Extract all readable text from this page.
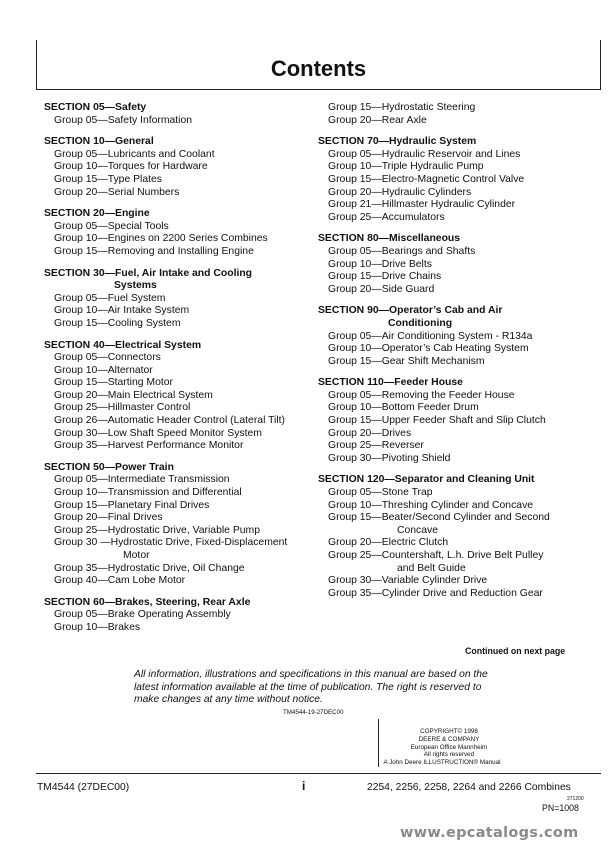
Contents
SECTION 05—Safety
Group 05—Safety Information
SECTION 10—General
Group 05—Lubricants and Coolant
Group 10—Torques for Hardware
Group 15—Type Plates
Group 20—Serial Numbers
SECTION 20—Engine
Group 05—Special Tools
Group 10—Engines on 2200 Series Combines
Group 15—Removing and Installing Engine
SECTION 30—Fuel, Air Intake and Cooling
Systems
Group 05—Fuel System
Group 10—Air Intake System
Group 15—Cooling System
SECTION 40—Electrical System
Group 05—Connectors
Group 10—Alternator
Group 15—Starting Motor
Group 20—Main Electrical System
Group 25—Hillmaster Control
Group 26—Automatic Header Control (Lateral Tilt)
Group 30—Low Shaft Speed Monitor System
Group 35—Harvest Performance Monitor
SECTION 50—Power Train
Group 05—Intermediate Transmission
Group 10—Transmission and Differential
Group 15—Planetary Final Drives
Group 20—Final Drives
Group 25—Hydrostatic Drive, Variable Pump
Group 30 —Hydrostatic Drive, Fixed-Displacement
Motor
Group 35—Hydrostatic Drive, Oil Change
Group 40—Cam Lobe Motor
SECTION 60—Brakes, Steering, Rear Axle
Group 05—Brake Operating Assembly
Group 10—Brakes
Group 15—Hydrostatic Steering
Group 20—Rear Axle
SECTION 70—Hydraulic System
Group 05—Hydraulic Reservoir and Lines
Group 10—Triple Hydraulic Pump
Group 15—Electro-Magnetic Control Valve
Group 20—Hydraulic Cylinders
Group 21—Hillmaster Hydraulic Cylinder
Group 25—Accumulators
SECTION 80—Miscellaneous
Group 05—Bearings and Shafts
Group 10—Drive Belts
Group 15—Drive Chains
Group 20—Side Guard
SECTION 90—Operator’s Cab and Air
Conditioning
Group 05—Air Conditioning System - R134a
Group 10—Operator’s Cab Heating System
Group 15—Gear Shift Mechanism
SECTION 110—Feeder House
Group 05—Removing the Feeder House
Group 10—Bottom Feeder Drum
Group 15—Upper Feeder Shaft and Slip Clutch
Group 20—Drives
Group 25—Reverser
Group 30—Pivoting Shield
SECTION 120—Separator and Cleaning Unit
Group 05—Stone Trap
Group 10—Threshing Cylinder and Concave
Group 15—Beater/Second Cylinder and Second
Concave
Group 20—Electric Clutch
Group 25—Countershaft, L.h. Drive Belt Pulley
and Belt Guide
Group 30—Variable Cylinder Drive
Group 35—Cylinder Drive and Reduction Gear
Continued on next page
All information, illustrations and specifications in this manual are based on the latest information available at the time of publication. The right is reserved to make changes at any time without notice.
TM4544-19-27DEC00
COPYRIGHT© 1998
DEERE & COMPANY
European Office Mannheim
All rights reserved
A John Deere ILLUSTRUCTION® Manual
TM4544 (27DEC00)	i	2254, 2256, 2258, 2264 and 2266 Combines
271200
PN=1008
www.epcatalogs.com
